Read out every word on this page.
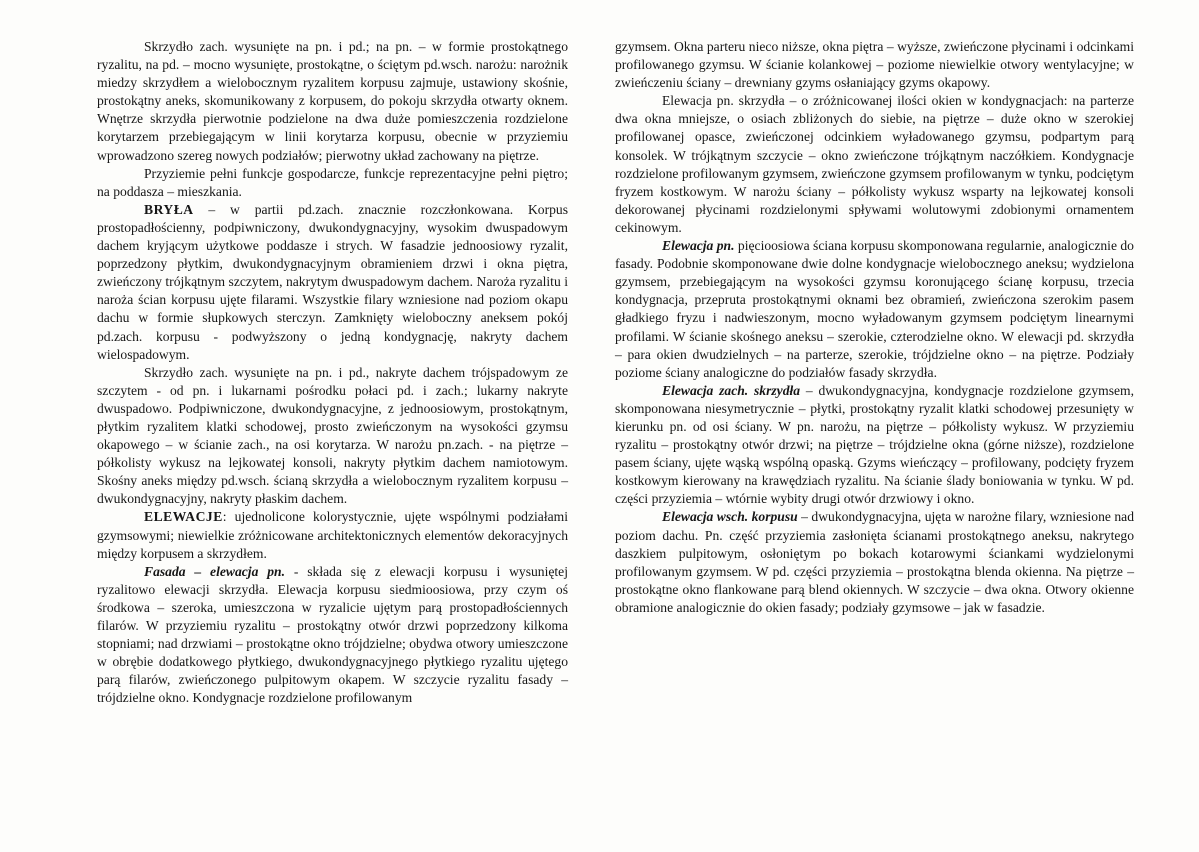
Skrzydło zach. wysunięte na pn. i pd.; na pn. – w formie prostokątnego ryzalitu, na pd. – mocno wysunięte, prostokątne, o ściętym pd.wsch. narożu: narożnik miedzy skrzydłem a wielobocznym ryzalitem korpusu zajmuje, ustawiony skośnie, prostokątny aneks, skomunikowany z korpusem, do pokoju skrzydła otwarty oknem. Wnętrze skrzydła pierwotnie podzielone na dwa duże pomieszczenia rozdzielone korytarzem przebiegającym w linii korytarza korpusu, obecnie w przyziemiu wprowadzono szereg nowych podziałów; pierwotny układ zachowany na piętrze.

Przyziemie pełni funkcje gospodarcze, funkcje reprezentacyjne pełni piętro; na poddasza – mieszkania.

BRYŁA – w partii pd.zach. znacznie rozczłonkowana. Korpus prostopadłościenny, podpiwniczony, dwukondygnacyjny, wysokim dwuspadowym dachem kryjącym użytkowe poddasze i strych. W fasadzie jednoosiowy ryzalit, poprzedzony płytkim, dwukondygnacyjnym obramieniem drzwi i okna piętra, zwieńczony trójkątnym szczytem, nakrytym dwuspadowym dachem. Naroża ryzalitu i naroża ścian korpusu ujęte filarami. Wszystkie filary wzniesione nad poziom okapu dachu w formie słupkowych sterczyn. Zamknięty wieloboczny aneksem pokój pd.zach. korpusu - podwyższony o jedną kondygnację, nakryty dachem wielospadowym.

Skrzydło zach. wysunięte na pn. i pd., nakryte dachem trójspadowym ze szczytem - od pn. i lukarnami pośrodku połaci pd. i zach.; lukarny nakryte dwuspadowo. Podpiwniczone, dwukondygnacyjne, z jednoosiowym, prostokątnym, płytkim ryzalitem klatki schodowej, prosto zwieńczonym na wysokości gzymsu okapowego – w ścianie zach., na osi korytarza. W narożu pn.zach. - na piętrze – półkolisty wykusz na lejkowatej konsoli, nakryty płytkim dachem namiotowym. Skośny aneks między pd.wsch. ścianą skrzydła a wielobocznym ryzalitem korpusu – dwukondygnacyjny, nakryty płaskim dachem.

ELEWACJE: ujednolicone kolorystycznie, ujęte wspólnymi podziałami gzymsowymi; niewielkie zróżnicowane architektonicznych elementów dekoracyjnych między korpusem a skrzydłem.

Fasada – elewacja pn. - składa się z elewacji korpusu i wysuniętej ryzalitowo elewacji skrzydła. Elewacja korpusu siedmioosiowa, przy czym oś środkowa – szeroka, umieszczona w ryzalicie ujętym parą prostopadłościennych filarów. W przyziemiu ryzalitu – prostokątny otwór drzwi poprzedzony kilkoma stopniami; nad drzwiami – prostokątne okno trójdzielne; obydwa otwory umieszczone w obrębie dodatkowego płytkiego, dwukondygnacyjnego płytkiego ryzalitu ujętego parą filarów, zwieńczonego pulpitowym okapem. W szczycie ryzalitu fasady – trójdzielne okno. Kondygnacje rozdzielone profilowanym

gzymsem. Okna parteru nieco niższe, okna piętra – wyższe, zwieńczone płycinami i odcinkami profilowanego gzymsu. W ścianie kolankowej – poziome niewielkie otwory wentylacyjne; w zwieńczeniu ściany – drewniany gzyms osłaniający gzyms okapowy.

Elewacja pn. skrzydła – o zróżnicowanej ilości okien w kondygnacjach: na parterze dwa okna mniejsze, o osiach zbliżonych do siebie, na piętrze – duże okno w szerokiej profilowanej opasce, zwieńczonej odcinkiem wyładowanego gzymsu, podpartym parą konsolek. W trójkątnym szczycie – okno zwieńczone trójkątnym naczółkiem. Kondygnacje rozdzielone profilowanym gzymsem, zwieńczone gzymsem profilowanym w tynku, podciętym fryzem kostkowym. W narożu ściany – półkolisty wykusz wsparty na lejkowatej konsoli dekorowanej płycinami rozdzielonymi spływami wolutowymi zdobionymi ornamentem cekinowym.

Elewacja pn. pięcioosiowa ściana korpusu skomponowana regularnie, analogicznie do fasady. Podobnie skomponowane dwie dolne kondygnacje wielobocznego aneksu; wydzielona gzymsem, przebiegającym na wysokości gzymsu koronującego ścianę korpusu, trzecia kondygnacja, przeprutа prostokątnymi oknami bez obramień, zwieńczona szerokim pasem gładkiego fryzu i nadwieszonym, mocno wyładowanym gzymsem podciętym linearnymi profilami. W ścianie skośnego aneksu – szerokie, czterodzielne okno. W elewacji pd. skrzydła – para okien dwudzielnych – na parterze, szerokie, trójdzielne okno – na piętrze. Podziały poziome ściany analogiczne do podziałów fasady skrzydła.

Elewacja zach. skrzydła – dwukondygnacyjna, kondygnacje rozdzielone gzymsem, skomponowana niesymetrycznie – płytki, prostokątny ryzalit klatki schodowej przesunięty w kierunku pn. od osi ściany. W pn. narożu, na piętrze – półkolisty wykusz. W przyziemiu ryzalitu – prostokątny otwór drzwi; na piętrze – trójdzielne okna (górne niższe), rozdzielone pasem ściany, ujęte wąską wspólną opaską. Gzyms wieńczący – profilowany, podcięty fryzem kostkowym kierowany na krawędziach ryzalitu. Na ścianie ślady boniowania w tynku. W pd. części przyziemia – wtórnie wybity drugi otwór drzwiowy i okno.

Elewacja wsch. korpusu – dwukondygnacyjna, ujęta w narożne filary, wzniesione nad poziom dachu. Pn. część przyziemia zasłonięta ścianami prostokątnego aneksu, nakrytego daszkiem pulpitowym, osłoniętym po bokach kotarowymi ściankami wydzielonymi profilowanym gzymsem. W pd. części przyziemia – prostokątna blenda okienna. Na piętrze – prostokątne okno flankowane parą blend okiennych. W szczycie – dwa okna. Otwory okienne obramione analogicznie do okien fasady; podziały gzymsowe – jak w fasadzie.
